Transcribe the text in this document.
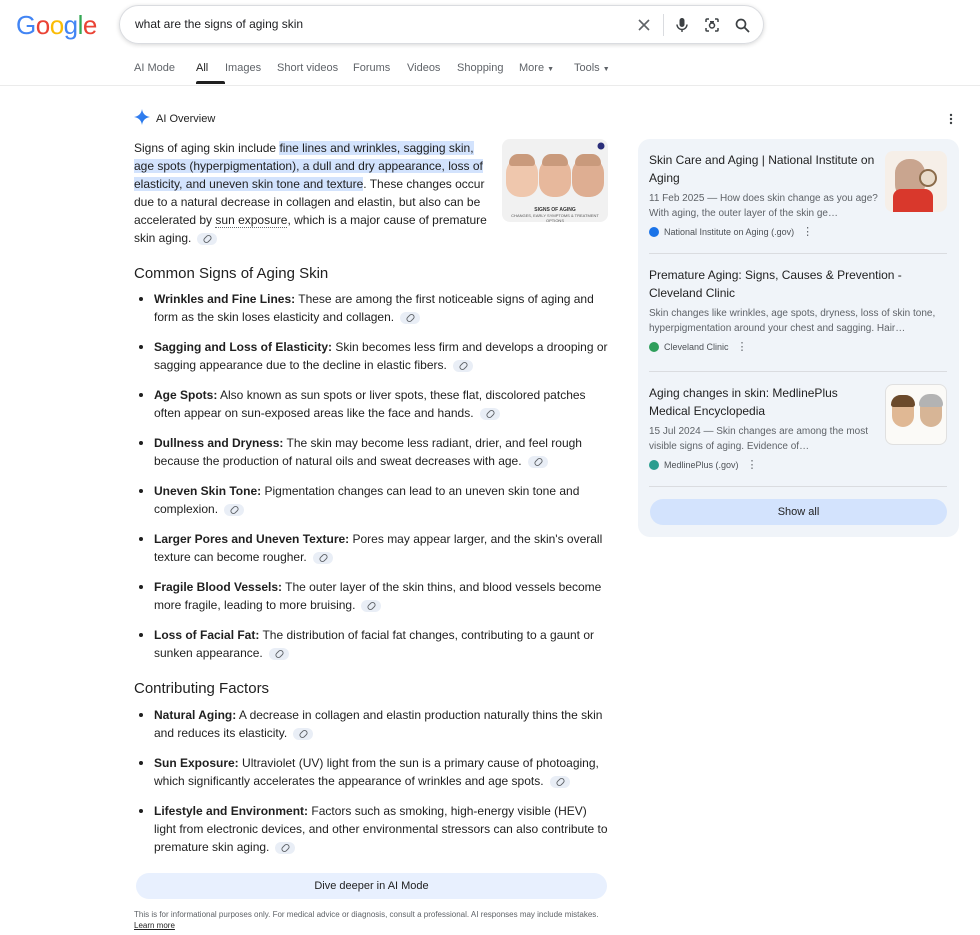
Google	what are the signs of aging skin
AI Mode	All	Images	Short videos	Forums	Videos	Shopping	More ▼	Tools ▼
AI Overview
Signs of aging skin include fine lines and wrinkles, sagging skin, age spots (hyperpigmentation), a dull and dry appearance, loss of elasticity, and uneven skin tone and texture. These changes occur due to a natural decrease in collagen and elastin, but also can be accelerated by sun exposure, which is a major cause of premature skin aging.
SIGNS OF AGING
CHANGES, EARLY SYMPTOMS & TREATMENT OPTIONS
Common Signs of Aging Skin
Wrinkles and Fine Lines: These are among the first noticeable signs of aging and form as the skin loses elasticity and collagen.
Sagging and Loss of Elasticity: Skin becomes less firm and develops a drooping or sagging appearance due to the decline in elastic fibers.
Age Spots: Also known as sun spots or liver spots, these flat, discolored patches often appear on sun-exposed areas like the face and hands.
Dullness and Dryness: The skin may become less radiant, drier, and feel rough because the production of natural oils and sweat decreases with age.
Uneven Skin Tone: Pigmentation changes can lead to an uneven skin tone and complexion.
Larger Pores and Uneven Texture: Pores may appear larger, and the skin's overall texture can become rougher.
Fragile Blood Vessels: The outer layer of the skin thins, and blood vessels become more fragile, leading to more bruising.
Loss of Facial Fat: The distribution of facial fat changes, contributing to a gaunt or sunken appearance.
Contributing Factors
Natural Aging: A decrease in collagen and elastin production naturally thins the skin and reduces its elasticity.
Sun Exposure: Ultraviolet (UV) light from the sun is a primary cause of photoaging, which significantly accelerates the appearance of wrinkles and age spots.
Lifestyle and Environment: Factors such as smoking, high-energy visible (HEV) light from electronic devices, and other environmental stressors can also contribute to premature skin aging.
Dive deeper in AI Mode
This is for informational purposes only. For medical advice or diagnosis, consult a professional. AI responses may include mistakes. Learn more
Skin Care and Aging | National Institute on Aging
11 Feb 2025 — How does skin change as you age? With aging, the outer layer of the skin ge…
National Institute on Aging (.gov) ⋮
Premature Aging: Signs, Causes & Prevention - Cleveland Clinic
Skin changes like wrinkles, age spots, dryness, loss of skin tone, hyperpigmentation around your chest and sagging. Hair…
Cleveland Clinic ⋮
Aging changes in skin: MedlinePlus Medical Encyclopedia
15 Jul 2024 — Skin changes are among the most visible signs of aging. Evidence of…
MedlinePlus (.gov) ⋮
Show all
